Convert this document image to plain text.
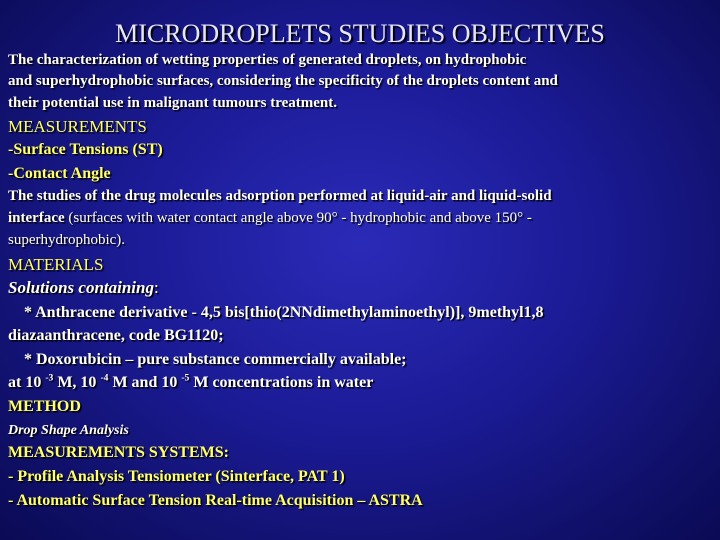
MICRODROPLETS STUDIES OBJECTIVES
The characterization of wetting properties of generated droplets, on hydrophobic
and superhydrophobic surfaces, considering the specificity of the droplets content and
their potential use in malignant tumours treatment.
MEASUREMENTS
-Surface Tensions (ST)
-Contact Angle
The studies of the drug molecules adsorption performed at liquid-air and liquid-solid
interface (surfaces with water contact angle above 90° - hydrophobic and above 150° -
superhydrophobic).
MATERIALS
Solutions containing:
* Anthracene derivative - 4,5 bis[thio(2NNdimethylaminoethyl)], 9methyl1,8
diazaanthracene, code BG1120;
* Doxorubicin – pure substance commercially available;
at 10 $^{-3}$ M, 10 $^{-4}$ M and 10 $^{-5}$ M concentrations in water
METHOD
Drop Shape Analysis
MEASUREMENTS SYSTEMS:
- Profile Analysis Tensiometer (Sinterface, PAT 1)
- Automatic Surface Tension Real-time Acquisition – ASTRA
